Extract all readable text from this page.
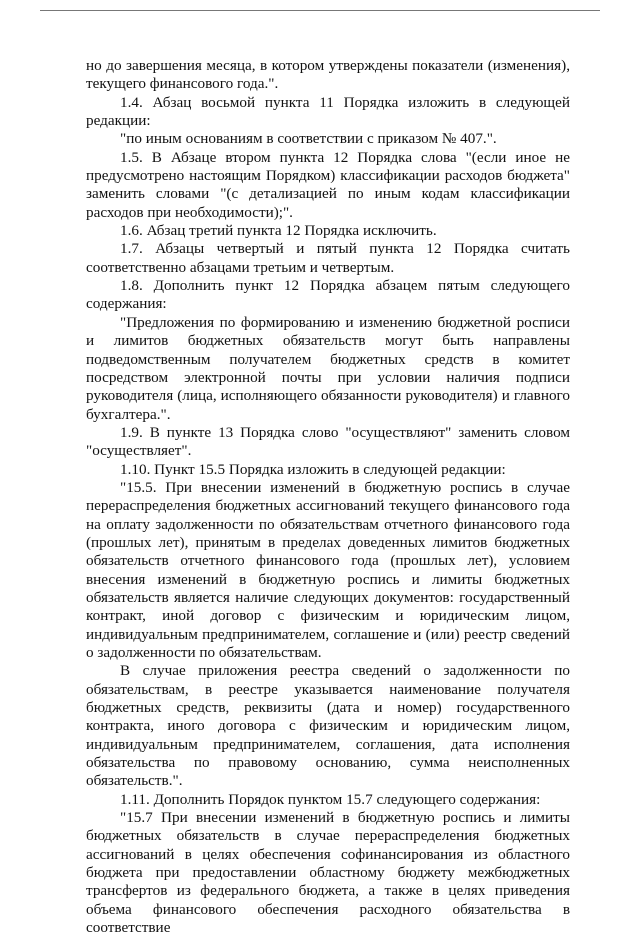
но до завершения месяца, в котором утверждены показатели (изменения), текущего финансового года.".

1.4. Абзац восьмой пункта 11 Порядка изложить в следующей редакции:

"по иным основаниям в соответствии с приказом № 407.".

1.5. В Абзаце втором пункта 12 Порядка слова "(если иное не предусмотрено настоящим Порядком) классификации расходов бюджета" заменить словами "(с детализацией по иным кодам классификации расходов при необходимости);".

1.6. Абзац третий пункта 12 Порядка исключить.

1.7. Абзацы четвертый и пятый пункта 12 Порядка считать соответственно абзацами третьим и четвертым.

1.8. Дополнить пункт 12 Порядка абзацем пятым следующего содержания:

"Предложения по формированию и изменению бюджетной росписи и лимитов бюджетных обязательств могут быть направлены подведомственным получателем бюджетных средств в комитет посредством электронной почты при условии наличия подписи руководителя (лица, исполняющего обязанности руководителя) и главного бухгалтера.".

1.9. В пункте 13 Порядка слово "осуществляют" заменить словом "осуществляет".

1.10. Пункт 15.5 Порядка изложить в следующей редакции:

"15.5. При внесении изменений в бюджетную роспись в случае перераспределения бюджетных ассигнований текущего финансового года на оплату задолженности по обязательствам отчетного финансового года (прошлых лет), принятым в пределах доведенных лимитов бюджетных обязательств отчетного финансового года (прошлых лет), условием внесения изменений в бюджетную роспись и лимиты бюджетных обязательств является наличие следующих документов: государственный контракт, иной договор с физическим и юридическим лицом, индивидуальным предпринимателем, соглашение и (или) реестр сведений о задолженности по обязательствам.

В случае приложения реестра сведений о задолженности по обязательствам, в реестре указывается наименование получателя бюджетных средств, реквизиты (дата и номер) государственного контракта, иного договора с физическим и юридическим лицом, индивидуальным предпринимателем, соглашения, дата исполнения обязательства по правовому основанию, сумма неисполненных обязательств.".

1.11. Дополнить Порядок пунктом 15.7 следующего содержания:

"15.7 При внесении изменений в бюджетную роспись и лимиты бюджетных обязательств в случае перераспределения бюджетных ассигнований в целях обеспечения софинансирования из областного бюджета при предоставлении областному бюджету межбюджетных трансфертов из федерального бюджета, а также в целях приведения объема финансового обеспечения расходного обязательства в соответствие
